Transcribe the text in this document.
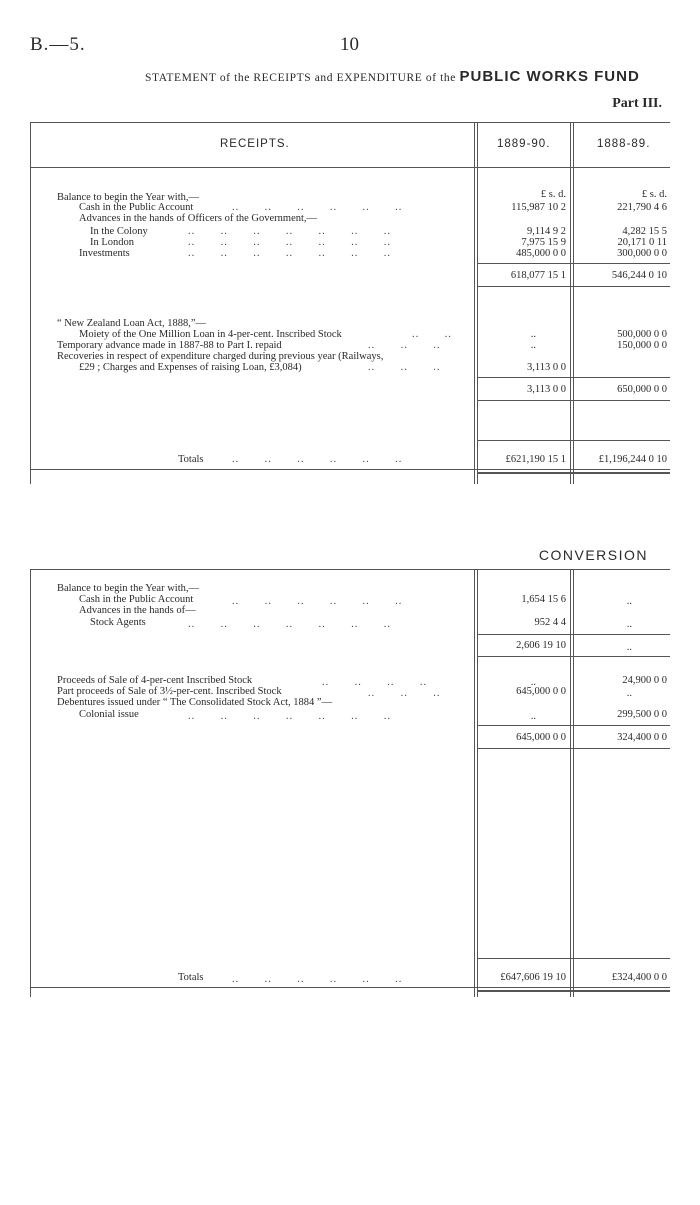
B.—5.	10
STATEMENT of the RECEIPTS and EXPENDITURE of the PUBLIC WORKS FUND
Part III.
RECEIPTS.	1889-90.	1888-89.
£ s. d.	£ s. d.
Balance to begin the Year with,—
Cash in the Public Account	..       ..       ..       ..       ..       ..	115,987 10 2	221,790 4 6
Advances in the hands of Officers of the Government,—
In the Colony	..       ..       ..       ..       ..       ..       ..	9,114 9 2	4,282 15 5
In London	..       ..       ..       ..       ..       ..       ..	7,975 15 9	20,171 0 11
Investments	..       ..       ..       ..       ..       ..       ..	485,000 0 0	300,000 0 0
618,077 15 1	546,244 0 10
“ New Zealand Loan Act, 1888,”—
Moiety of the One Million Loan in 4-per-cent. Inscribed Stock	..       ..	..	500,000 0 0
Temporary advance made in 1887-88 to Part I. repaid	..       ..       ..	..	150,000 0 0
Recoveries in respect of expenditure charged during previous year (Railways,
£29 ; Charges and Expenses of raising Loan, £3,084)	..       ..       ..	3,113 0 0
3,113 0 0	650,000 0 0
Totals	..       ..       ..       ..       ..       ..	£621,190 15 1	£1,196,244 0 10
CONVERSION
Balance to begin the Year with,—
Cash in the Public Account	..       ..       ..       ..       ..       ..	1,654 15 6	..
Advances in the hands of—
Stock Agents	..       ..       ..       ..       ..       ..       ..	952 4 4	..
2,606 19 10	..
Proceeds of Sale of 4-per-cent Inscribed Stock	..       ..       ..       ..	..	24,900 0 0
Part proceeds of Sale of 3½-per-cent. Inscribed Stock	..       ..       ..	645,000 0 0	..
Debentures issued under “ The Consolidated Stock Act, 1884 ”—
Colonial issue	..       ..       ..       ..       ..       ..       ..	..	299,500 0 0
645,000 0 0	324,400 0 0
Totals	..       ..       ..       ..       ..       ..	£647,606 19 10	£324,400 0 0
